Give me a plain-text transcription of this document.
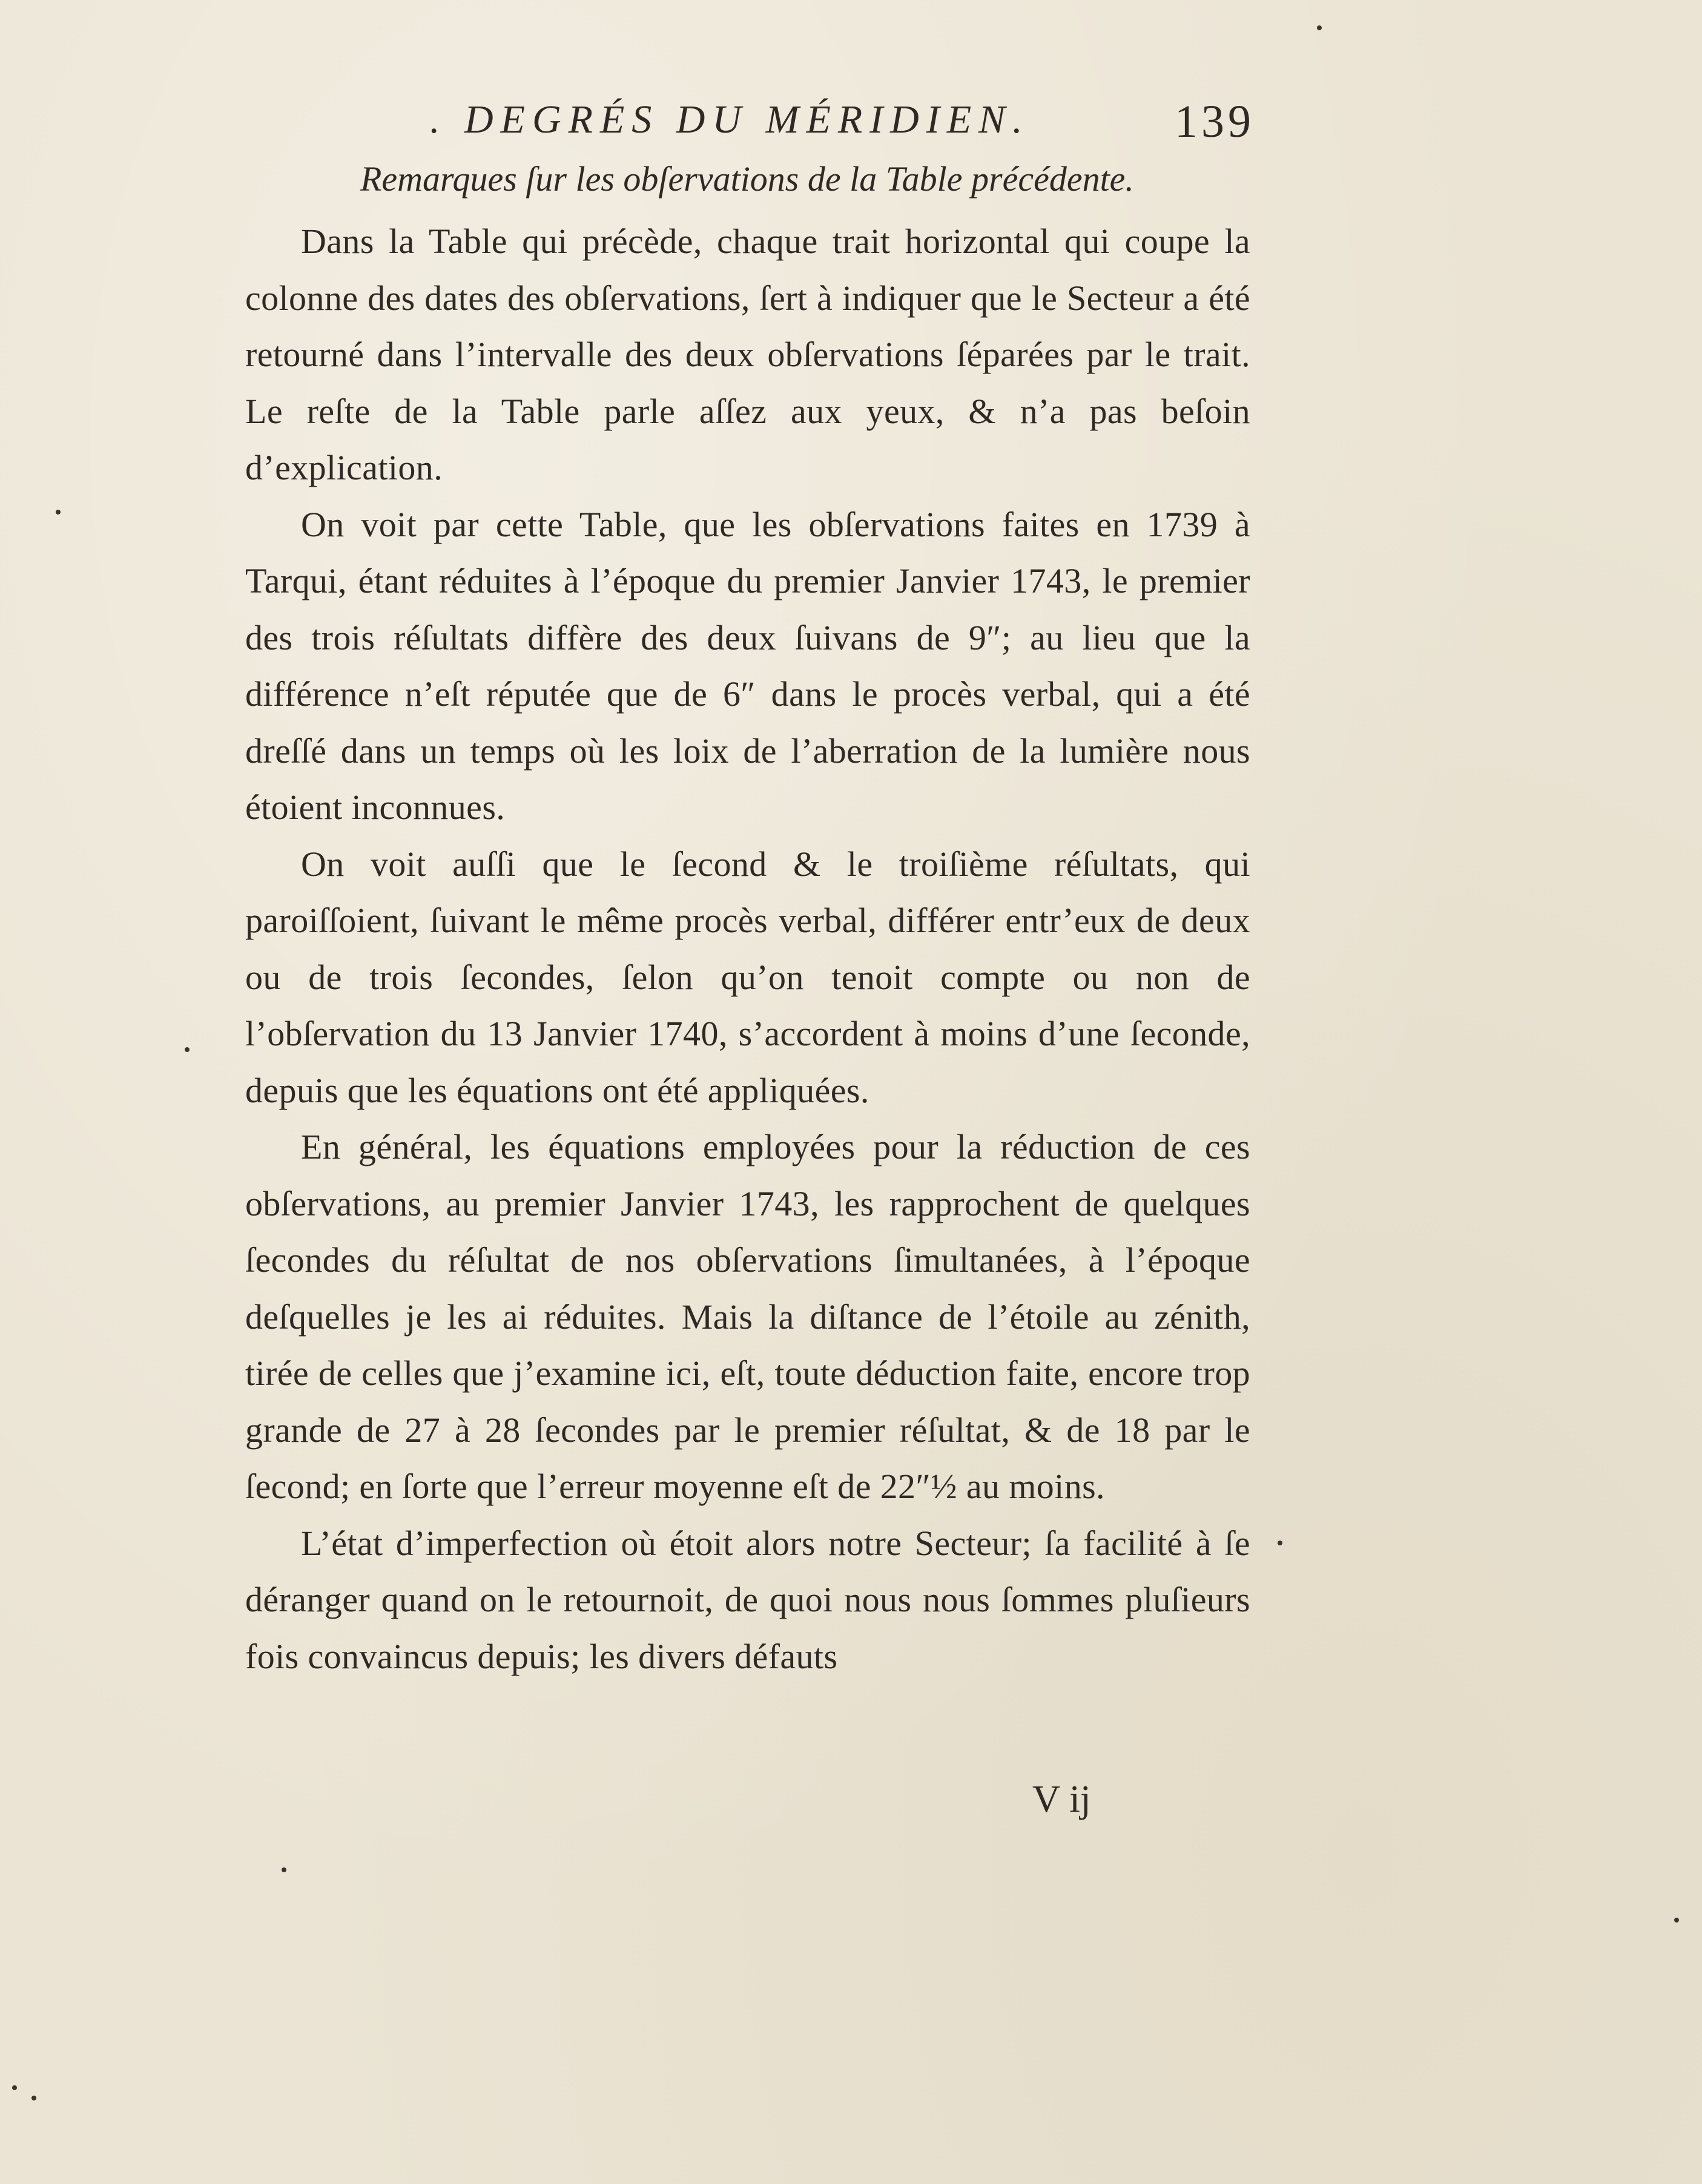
. DEGRÉS DU MÉRIDIEN.	139
Remarques ſur les obſervations de la Table précédente.

Dans la Table qui précède, chaque trait horizontal qui coupe la colonne des dates des obſervations, ſert à indiquer que le Secteur a été retourné dans l’intervalle des deux obſervations ſéparées par le trait. Le reſte de la Table parle aſſez aux yeux, & n’a pas beſoin d’explication.

On voit par cette Table, que les obſervations faites en 1739 à Tarqui, étant réduites à l’époque du premier Janvier 1743, le premier des trois réſultats diffère des deux ſuivans de 9″; au lieu que la différence n’eſt réputée que de 6″ dans le procès verbal, qui a été dreſſé dans un temps où les loix de l’aberration de la lumière nous étoient inconnues.

On voit auſſi que le ſecond & le troiſième réſultats, qui paroiſſoient, ſuivant le même procès verbal, différer entr’eux de deux ou de trois ſecondes, ſelon qu’on tenoit compte ou non de l’obſervation du 13 Janvier 1740, s’accordent à moins d’une ſeconde, depuis que les équations ont été appliquées.

En général, les équations employées pour la réduction de ces obſervations, au premier Janvier 1743, les rapprochent de quelques ſecondes du réſultat de nos obſervations ſimultanées, à l’époque deſquelles je les ai réduites. Mais la diſtance de l’étoile au zénith, tirée de celles que j’examine ici, eſt, toute déduction faite, encore trop grande de 27 à 28 ſecondes par le premier réſultat, & de 18 par le ſecond; en ſorte que l’erreur moyenne eſt de 22″½ au moins.

L’état d’imperfection où étoit alors notre Secteur; ſa facilité à ſe déranger quand on le retournoit, de quoi nous nous ſommes pluſieurs fois convaincus depuis; les divers défauts

V ij
